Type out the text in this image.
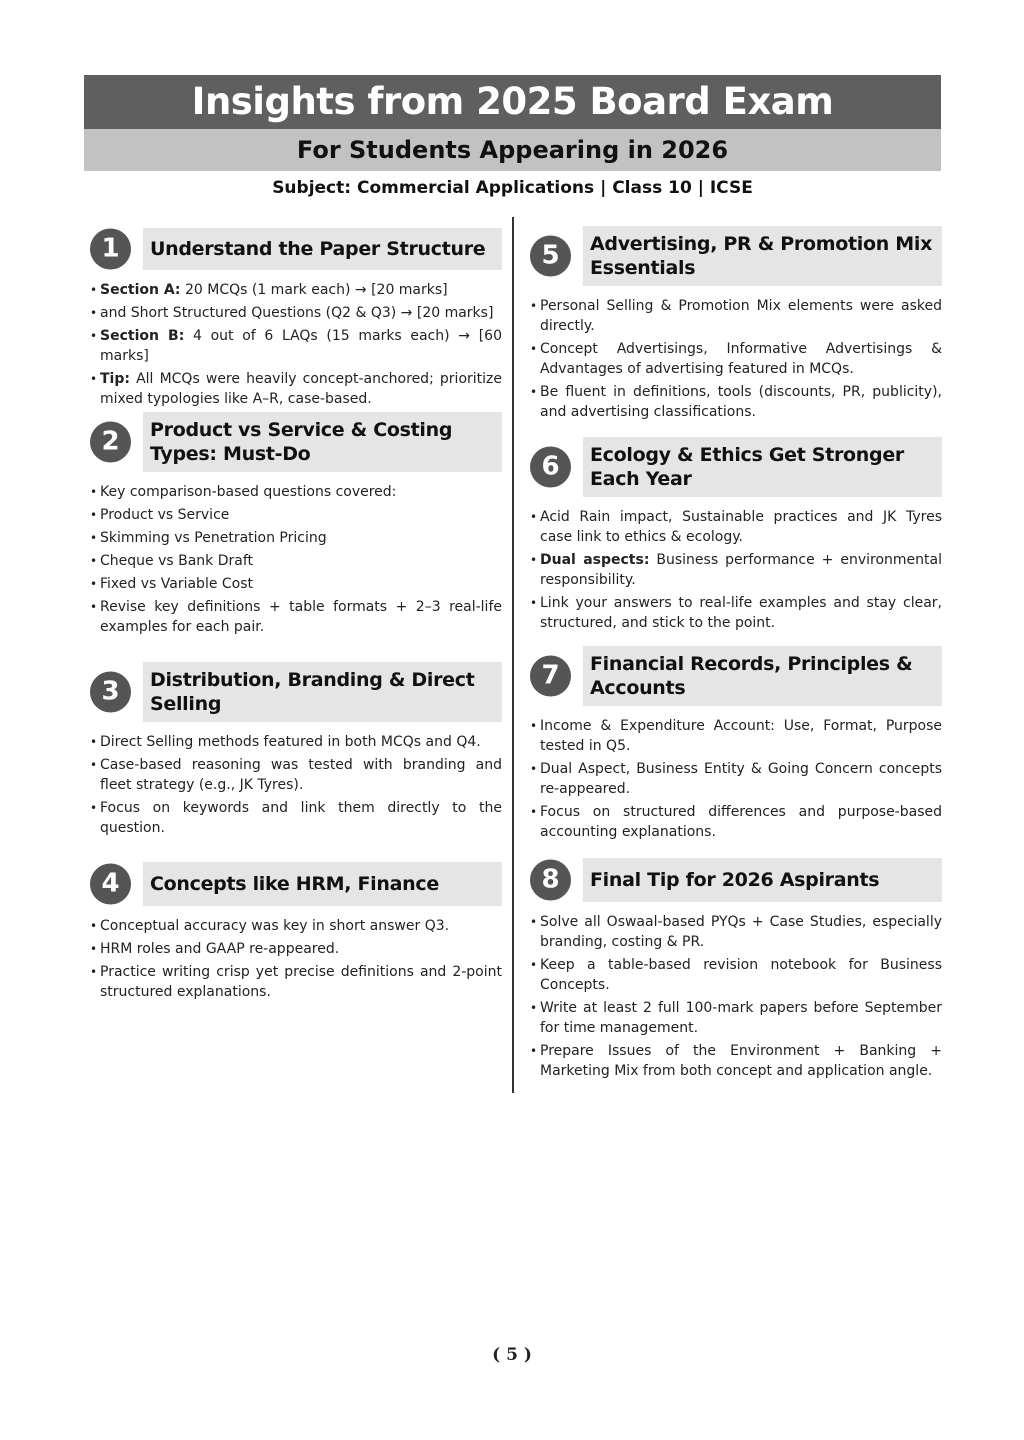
Insights from 2025 Board Exam
For Students Appearing in 2026
Subject: Commercial Applications | Class 10 | ICSE
1	Understand the Paper Structure
• Section A: 20 MCQs (1 mark each) → [20 marks]
• and Short Structured Questions (Q2 & Q3) → [20 marks]
• Section B: 4 out of 6 LAQs (15 marks each) → [60 marks]
• Tip: All MCQs were heavily concept-anchored; prioritize mixed typologies like A–R, case-based.
2	Product vs Service & Costing Types: Must-Do
• Key comparison-based questions covered:
• Product vs Service
• Skimming vs Penetration Pricing
• Cheque vs Bank Draft
• Fixed vs Variable Cost
• Revise key definitions + table formats + 2–3 real-life examples for each pair.
3	Distribution, Branding & Direct Selling
• Direct Selling methods featured in both MCQs and Q4.
• Case-based reasoning was tested with branding and fleet strategy (e.g., JK Tyres).
• Focus on keywords and link them directly to the question.
4	Concepts like HRM, Finance
• Conceptual accuracy was key in short answer Q3.
• HRM roles and GAAP re-appeared.
• Practice writing crisp yet precise definitions and 2-point structured explanations.
5	Advertising, PR & Promotion Mix Essentials
• Personal Selling & Promotion Mix elements were asked directly.
• Concept Advertisings, Informative Advertisings & Advantages of advertising featured in MCQs.
• Be fluent in definitions, tools (discounts, PR, publicity), and advertising classifications.
6	Ecology & Ethics Get Stronger Each Year
• Acid Rain impact, Sustainable practices and JK Tyres case link to ethics & ecology.
• Dual aspects: Business performance + environmental responsibility.
• Link your answers to real-life examples and stay clear, structured, and stick to the point.
7	Financial Records, Principles & Accounts
• Income & Expenditure Account: Use, Format, Purpose tested in Q5.
• Dual Aspect, Business Entity & Going Concern concepts re-appeared.
• Focus on structured differences and purpose-based accounting explanations.
8	Final Tip for 2026 Aspirants
• Solve all Oswaal-based PYQs + Case Studies, especially branding, costing & PR.
• Keep a table-based revision notebook for Business Concepts.
• Write at least 2 full 100-mark papers before September for time management.
• Prepare Issues of the Environment + Banking + Marketing Mix from both concept and application angle.
( 5 )
